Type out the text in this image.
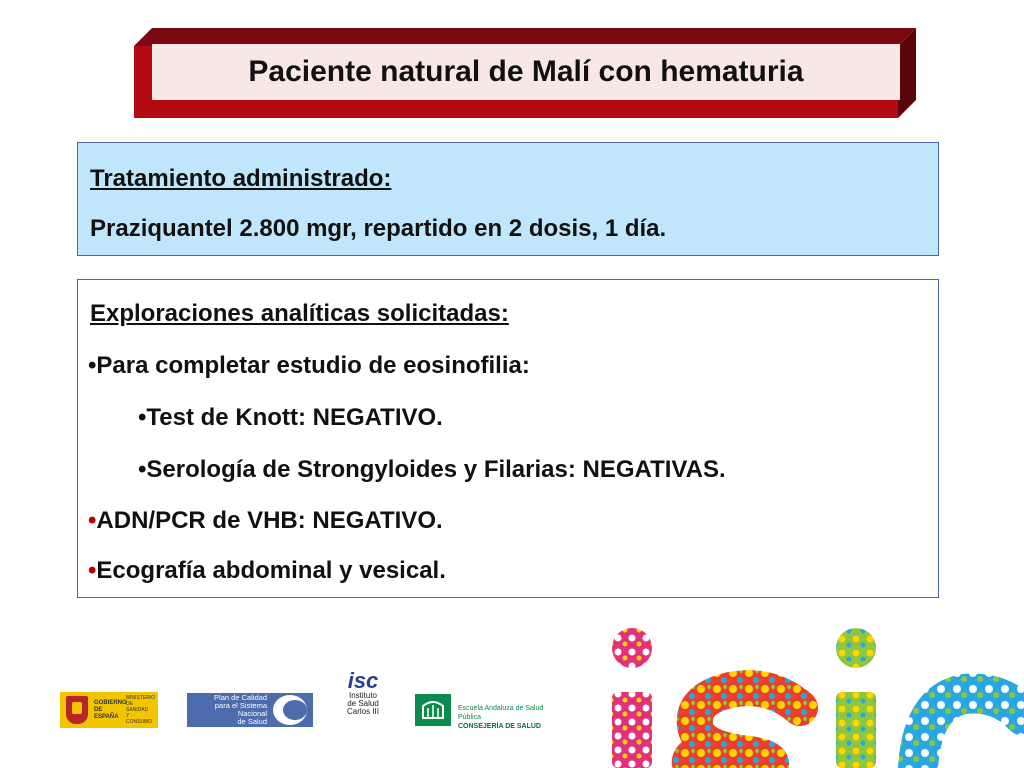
Paciente natural de Malí con hematuria
Tratamiento administrado:
Praziquantel 2.800 mgr, repartido en 2 dosis, 1 día.
Exploraciones analíticas solicitadas:
•Para completar estudio de eosinofilia:
•Test de Knott: NEGATIVO.
•Serología de Strongyloides y Filarias: NEGATIVAS.
•ADN/PCR de VHB: NEGATIVO.
•Ecografía abdominal y vesical.
GOBIERNO
DE ESPAÑA
MINISTERIO
DE SANIDAD
Y CONSUMO
Plan de Calidad
para el Sistema Nacional
de Salud
isc
Instituto
de Salud
Carlos III	Escuela Andaluza de Salud Pública
CONSEJERÍA DE SALUD
